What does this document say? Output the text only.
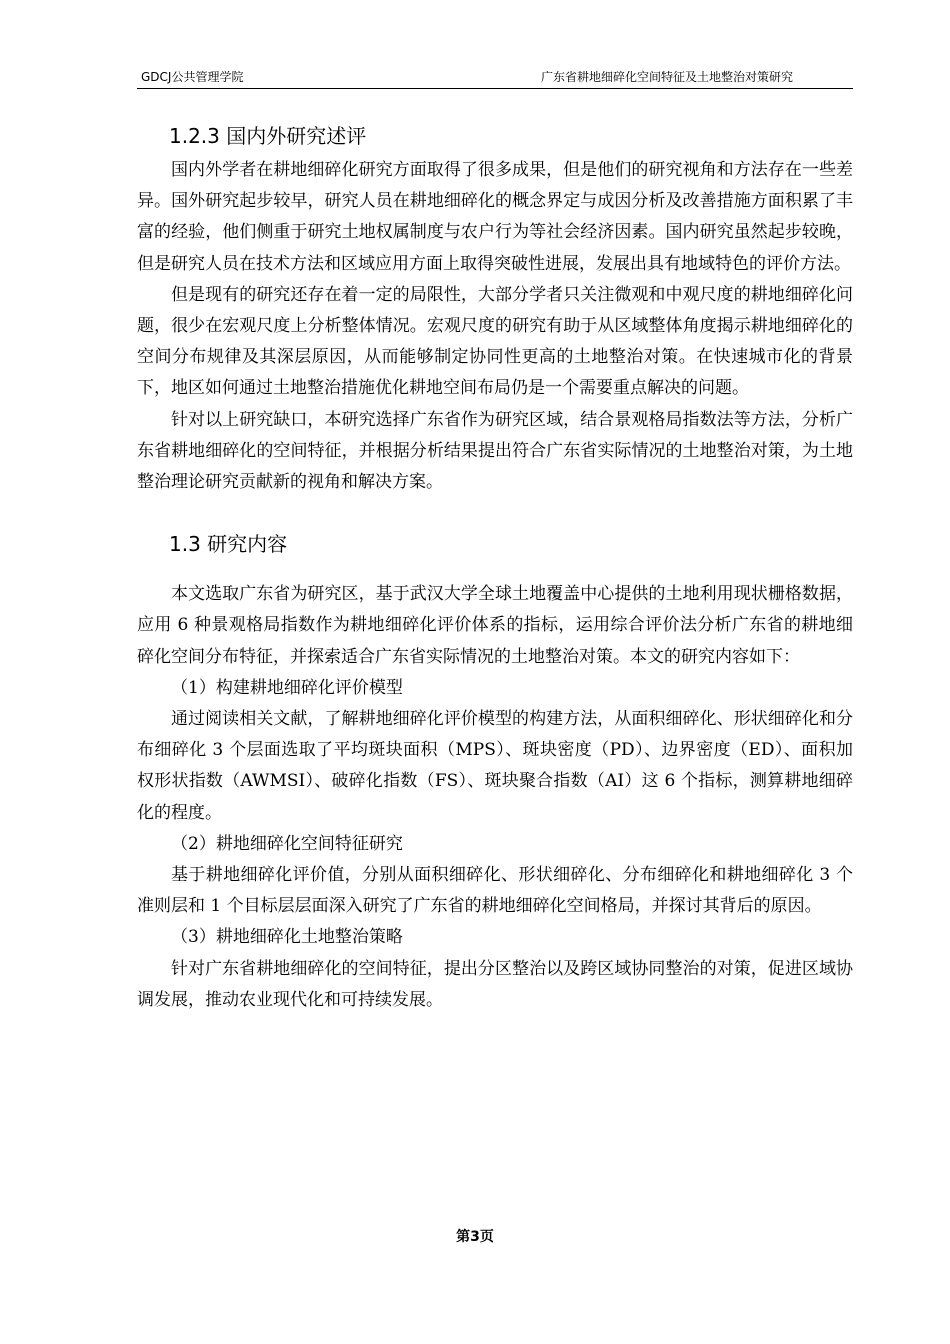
GDCJ公共管理学院	广东省耕地细碎化空间特征及土地整治对策研究
1.2.3 国内外研究述评

国内外学者在耕地细碎化研究方面取得了很多成果，但是他们的研究视角和方法存在一些差异。国外研究起步较早，研究人员在耕地细碎化的概念界定与成因分析及改善措施方面积累了丰富的经验，他们侧重于研究土地权属制度与农户行为等社会经济因素。国内研究虽然起步较晚，但是研究人员在技术方法和区域应用方面上取得突破性进展，发展出具有地域特色的评价方法。

但是现有的研究还存在着一定的局限性，大部分学者只关注微观和中观尺度的耕地细碎化问题，很少在宏观尺度上分析整体情况。宏观尺度的研究有助于从区域整体角度揭示耕地细碎化的空间分布规律及其深层原因，从而能够制定协同性更高的土地整治对策。在快速城市化的背景下，地区如何通过土地整治措施优化耕地空间布局仍是一个需要重点解决的问题。

针对以上研究缺口，本研究选择广东省作为研究区域，结合景观格局指数法等方法，分析广东省耕地细碎化的空间特征，并根据分析结果提出符合广东省实际情况的土地整治对策，为土地整治理论研究贡献新的视角和解决方案。

1.3 研究内容

本文选取广东省为研究区，基于武汉大学全球土地覆盖中心提供的土地利用现状栅格数据，应用 6 种景观格局指数作为耕地细碎化评价体系的指标，运用综合评价法分析广东省的耕地细碎化空间分布特征，并探索适合广东省实际情况的土地整治对策。本文的研究内容如下：

（1）构建耕地细碎化评价模型

通过阅读相关文献，了解耕地细碎化评价模型的构建方法，从面积细碎化、形状细碎化和分布细碎化 3 个层面选取了平均斑块面积（MPS）、斑块密度（PD）、边界密度（ED）、面积加权形状指数（AWMSI）、破碎化指数（FS）、斑块聚合指数（AI）这 6 个指标，测算耕地细碎化的程度。

（2）耕地细碎化空间特征研究

基于耕地细碎化评价值，分别从面积细碎化、形状细碎化、分布细碎化和耕地细碎化 3 个准则层和 1 个目标层层面深入研究了广东省的耕地细碎化空间格局，并探讨其背后的原因。

（3）耕地细碎化土地整治策略

针对广东省耕地细碎化的空间特征，提出分区整治以及跨区域协同整治的对策，促进区域协调发展，推动农业现代化和可持续发展。

第3页
